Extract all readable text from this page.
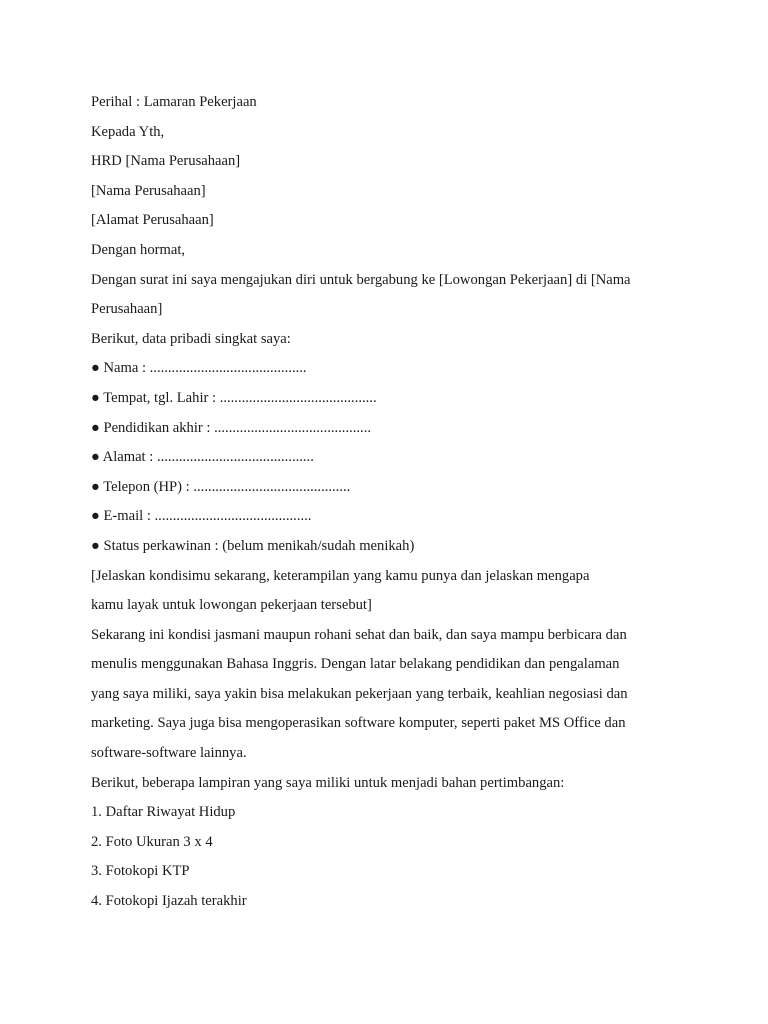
Perihal : Lamaran Pekerjaan

Kepada Yth,

HRD [Nama Perusahaan]

[Nama Perusahaan]

[Alamat Perusahaan]

Dengan hormat,

Dengan surat ini saya mengajukan diri untuk bergabung ke [Lowongan Pekerjaan] di [Nama

Perusahaan]

Berikut, data pribadi singkat saya:

● Nama : ...........................................

● Tempat, tgl. Lahir : ...........................................

● Pendidikan akhir : ...........................................

● Alamat : ...........................................

● Telepon (HP) : ...........................................

● E-mail : ...........................................

● Status perkawinan : (belum menikah/sudah menikah)

[Jelaskan kondisimu sekarang, keterampilan yang kamu punya dan jelaskan mengapa

kamu layak untuk lowongan pekerjaan tersebut]

Sekarang ini kondisi jasmani maupun rohani sehat dan baik, dan saya mampu berbicara dan

menulis menggunakan Bahasa Inggris. Dengan latar belakang pendidikan dan pengalaman

yang saya miliki, saya yakin bisa melakukan pekerjaan yang terbaik, keahlian negosiasi dan

marketing. Saya juga bisa mengoperasikan software komputer, seperti paket MS Office dan

software-software lainnya.

Berikut, beberapa lampiran yang saya miliki untuk menjadi bahan pertimbangan:

1. Daftar Riwayat Hidup

2. Foto Ukuran 3 x 4

3. Fotokopi KTP

4. Fotokopi Ijazah terakhir
